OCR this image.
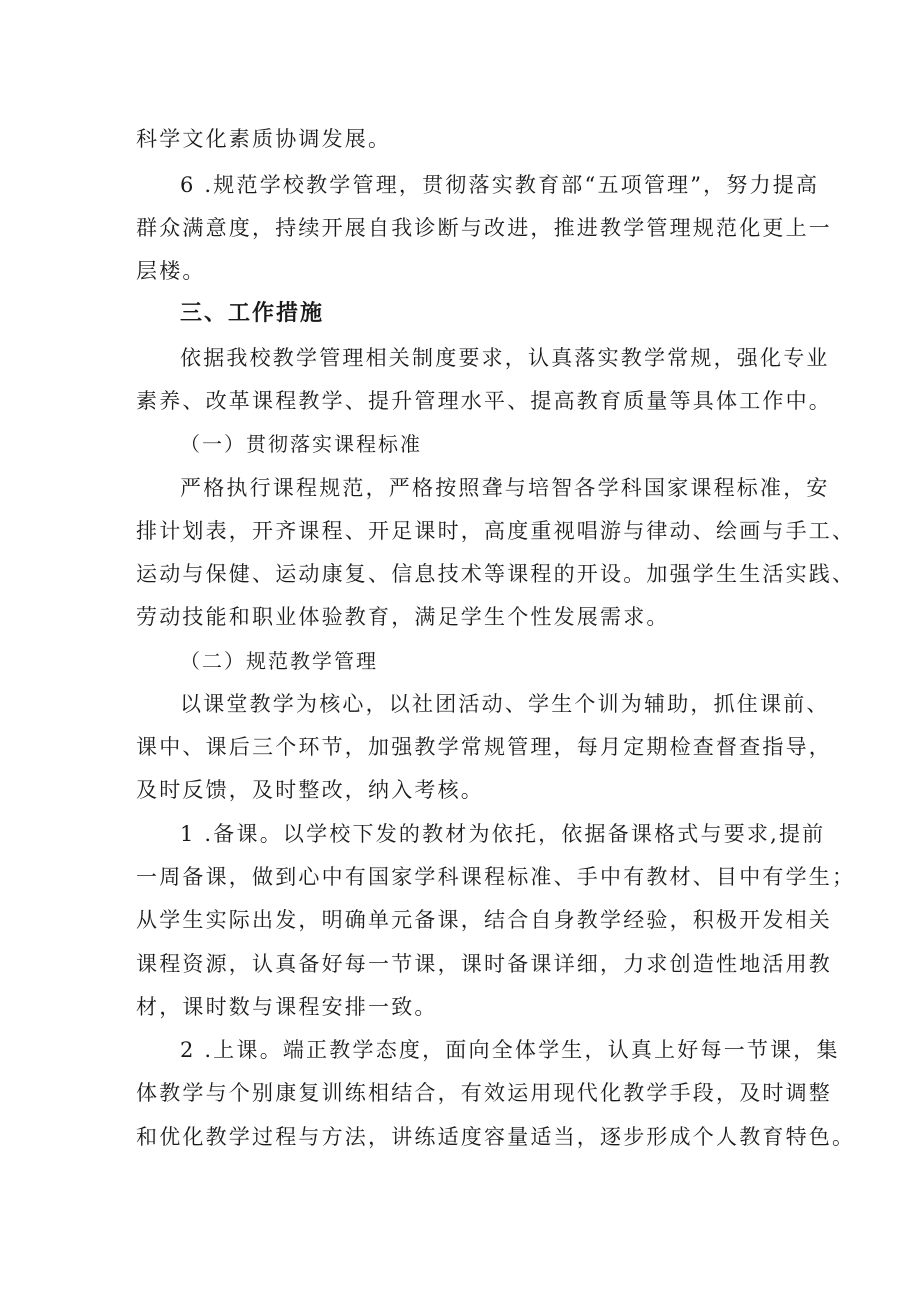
科学文化素质协调发展。
6 .规范学校教学管理，贯彻落实教育部“五项管理”，努力提高
群众满意度，持续开展自我诊断与改进，推进教学管理规范化更上一
层楼。
三、工作措施
依据我校教学管理相关制度要求，认真落实教学常规，强化专业
素养、改革课程教学、提升管理水平、提高教育质量等具体工作中。
（一）贯彻落实课程标准
严格执行课程规范，严格按照聋与培智各学科国家课程标准，安
排计划表，开齐课程、开足课时，高度重视唱游与律动、绘画与手工、
运动与保健、运动康复、信息技术等课程的开设。加强学生生活实践、
劳动技能和职业体验教育，满足学生个性发展需求。
（二）规范教学管理
以课堂教学为核心，以社团活动、学生个训为辅助，抓住课前、
课中、课后三个环节，加强教学常规管理，每月定期检查督查指导，
及时反馈，及时整改，纳入考核。
1 .备课。以学校下发的教材为依托，依据备课格式与要求,提前
一周备课，做到心中有国家学科课程标准、手中有教材、目中有学生；
从学生实际出发，明确单元备课，结合自身教学经验，积极开发相关
课程资源，认真备好每一节课，课时备课详细，力求创造性地活用教
材，课时数与课程安排一致。
2 .上课。端正教学态度，面向全体学生，认真上好每一节课，集
体教学与个别康复训练相结合，有效运用现代化教学手段，及时调整
和优化教学过程与方法，讲练适度容量适当，逐步形成个人教育特色。
